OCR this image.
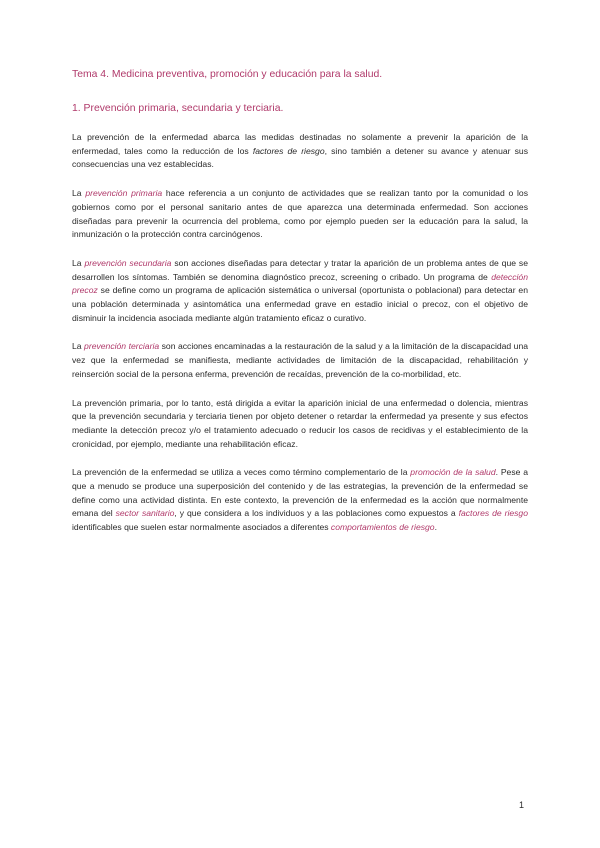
Tema 4. Medicina preventiva, promoción y educación para la salud.

1. Prevención primaria, secundaria y terciaria.

La prevención de la enfermedad abarca las medidas destinadas no solamente a prevenir la aparición de la enfermedad, tales como la reducción de los factores de riesgo, sino también a detener su avance y atenuar sus consecuencias una vez establecidas.

La prevención primaria hace referencia a un conjunto de actividades que se realizan tanto por la comunidad o los gobiernos como por el personal sanitario antes de que aparezca una determinada enfermedad. Son acciones diseñadas para prevenir la ocurrencia del problema, como por ejemplo pueden ser la educación para la salud, la inmunización o la protección contra carcinógenos.

La prevención secundaria son acciones diseñadas para detectar y tratar la aparición de un problema antes de que se desarrollen los síntomas. También se denomina diagnóstico precoz, screening o cribado. Un programa de detección precoz se define como un programa de aplicación sistemática o universal (oportunista o poblacional) para detectar en una población determinada y asintomática una enfermedad grave en estadio inicial o precoz, con el objetivo de disminuir la incidencia asociada mediante algún tratamiento eficaz o curativo.

La prevención terciaria son acciones encaminadas a la restauración de la salud y a la limitación de la discapacidad una vez que la enfermedad se manifiesta, mediante actividades de limitación de la discapacidad, rehabilitación y reinserción social de la persona enferma, prevención de recaídas, prevención de la co-morbilidad, etc.

La prevención primaria, por lo tanto, está dirigida a evitar la aparición inicial de una enfermedad o dolencia, mientras que la prevención secundaria y terciaria tienen por objeto detener o retardar la enfermedad ya presente y sus efectos mediante la detección precoz y/o el tratamiento adecuado o reducir los casos de recidivas y el establecimiento de la cronicidad, por ejemplo, mediante una rehabilitación eficaz.

La prevención de la enfermedad se utiliza a veces como término complementario de la promoción de la salud. Pese a que a menudo se produce una superposición del contenido y de las estrategias, la prevención de la enfermedad se define como una actividad distinta. En este contexto, la prevención de la enfermedad es la acción que normalmente emana del sector sanitario, y que considera a los individuos y a las poblaciones como expuestos a factores de riesgo identificables que suelen estar normalmente asociados a diferentes comportamientos de riesgo.

1
